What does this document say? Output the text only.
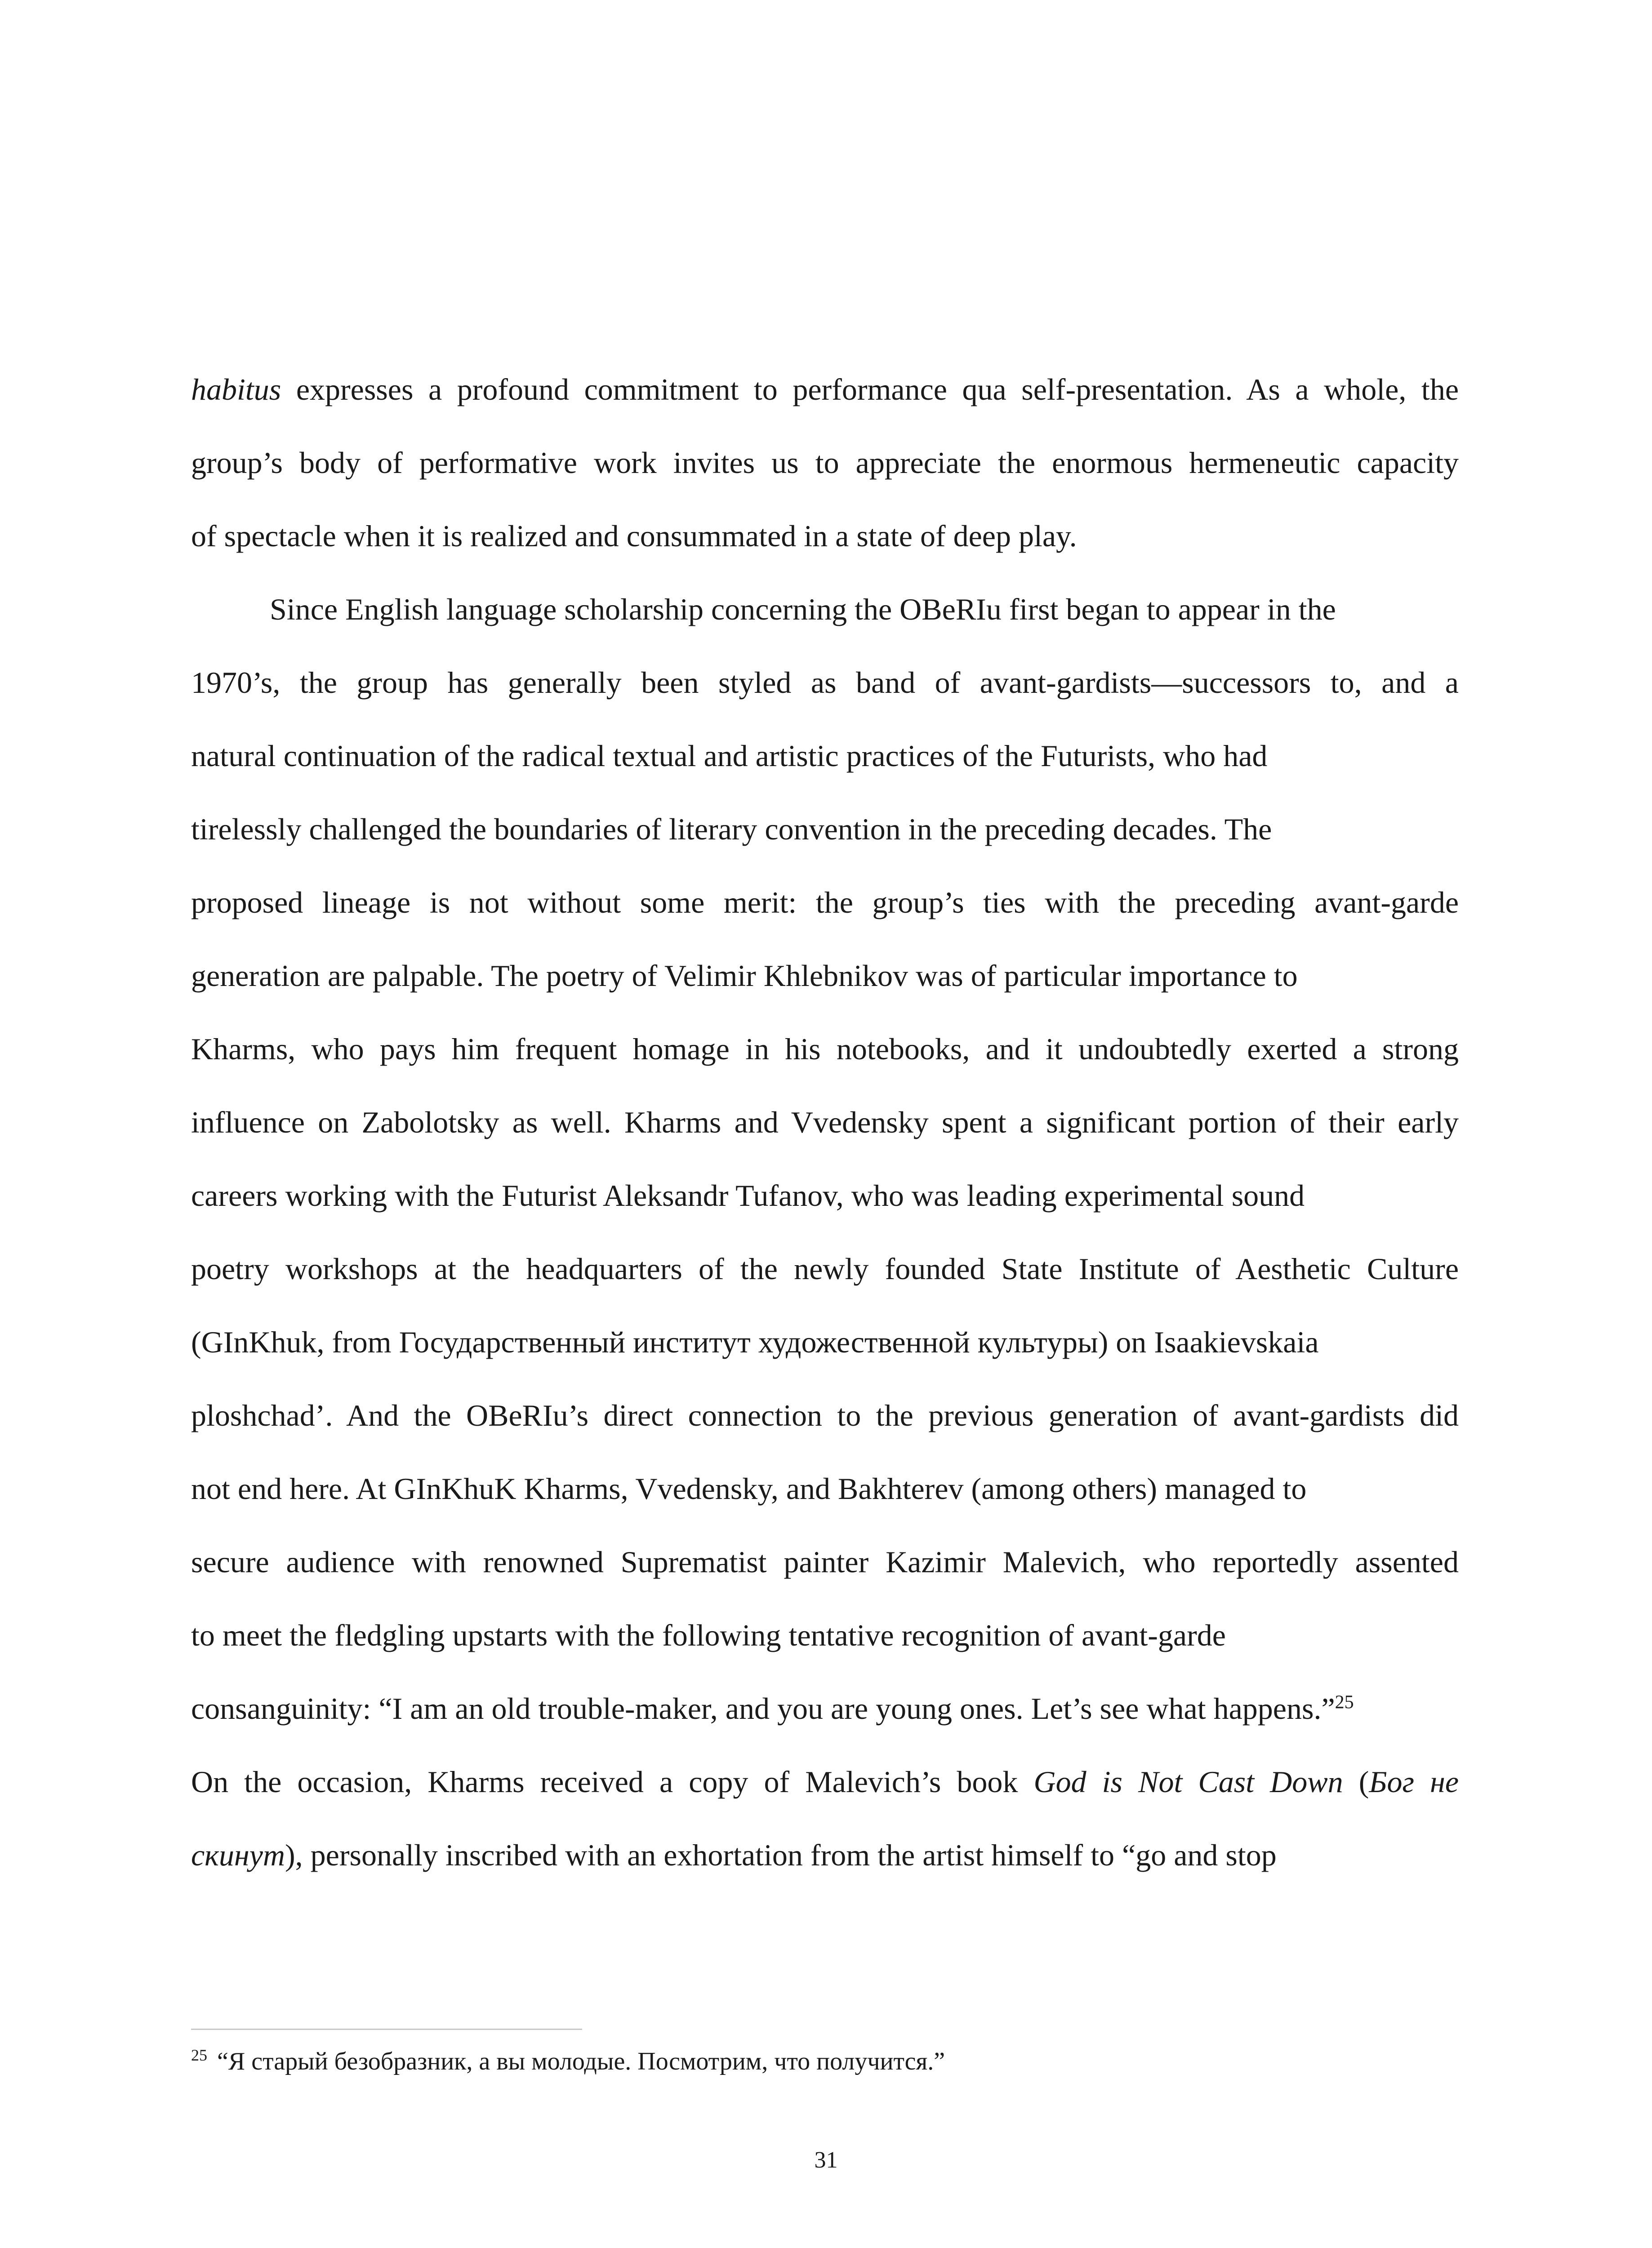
habitus expresses a profound commitment to performance qua self-presentation. As a whole, the
group’s body of performative work invites us to appreciate the enormous hermeneutic capacity
of spectacle when it is realized and consummated in a state of deep play.
Since English language scholarship concerning the OBeRIu first began to appear in the
1970’s, the group has generally been styled as band of avant-gardists—successors to, and a
natural continuation of the radical textual and artistic practices of the Futurists, who had
tirelessly challenged the boundaries of literary convention in the preceding decades. The
proposed lineage is not without some merit: the group’s ties with the preceding avant-garde
generation are palpable. The poetry of Velimir Khlebnikov was of particular importance to
Kharms, who pays him frequent homage in his notebooks, and it undoubtedly exerted a strong
influence on Zabolotsky as well. Kharms and Vvedensky spent a significant portion of their early
careers working with the Futurist Aleksandr Tufanov, who was leading experimental sound
poetry workshops at the headquarters of the newly founded State Institute of Aesthetic Culture
(GInKhuk, from Государственный институт художественной культуры) on Isaakievskaia
ploshchad’. And the OBeRIu’s direct connection to the previous generation of avant-gardists did
not end here. At GInKhuK Kharms, Vvedensky, and Bakhterev (among others) managed to
secure audience with renowned Suprematist painter Kazimir Malevich, who reportedly assented
to meet the fledgling upstarts with the following tentative recognition of avant-garde
consanguinity: “I am an old trouble-maker, and you are young ones. Let’s see what happens.”$^{25}$
On the occasion, Kharms received a copy of Malevich’s book God is Not Cast Down (Бог не
скинут), personally inscribed with an exhortation from the artist himself to “go and stop
$^{25}$ “Я старый безобразник, а вы молодые. Посмотрим, что получится.”
31
